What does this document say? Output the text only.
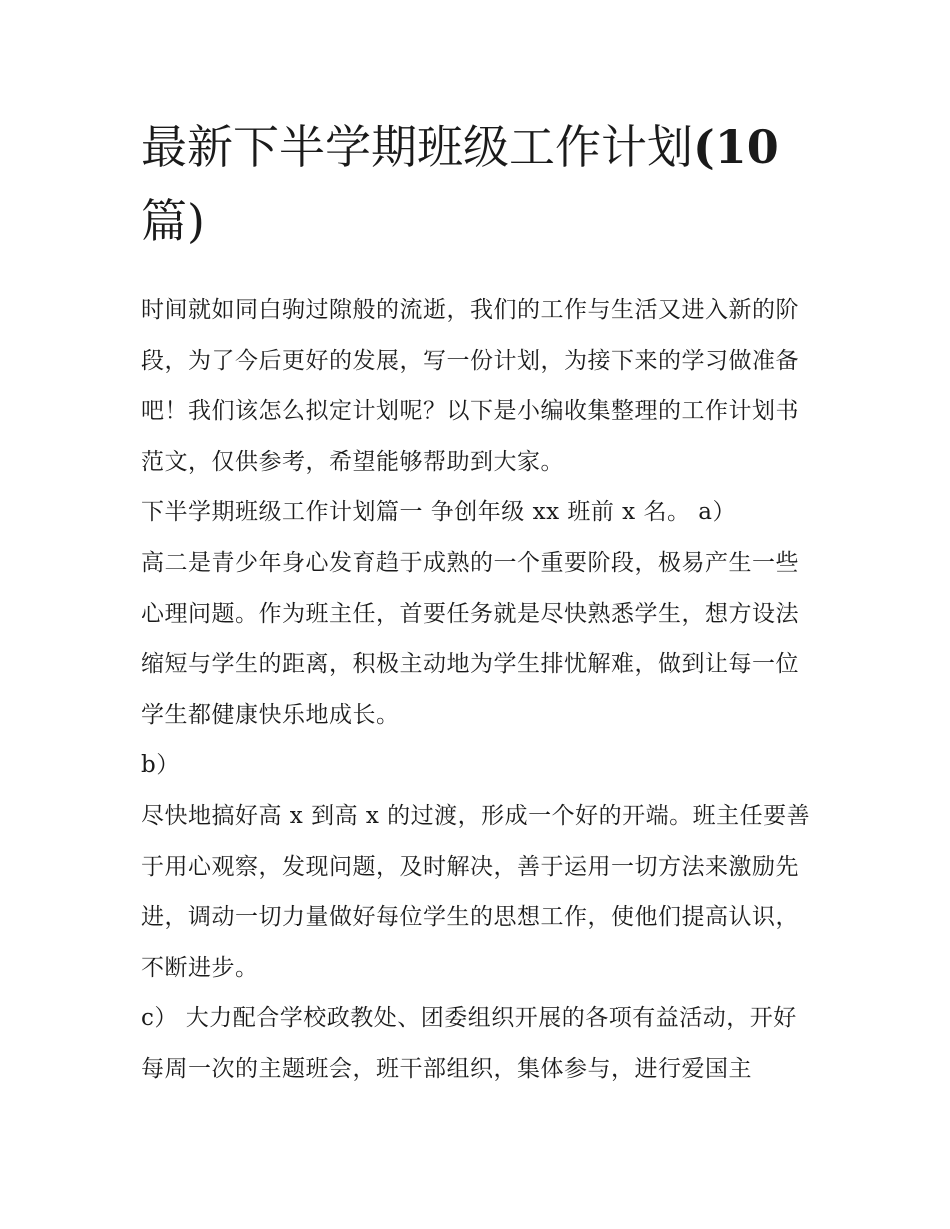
最新下半学期班级工作计划(10
篇)

时间就如同白驹过隙般的流逝，我们的工作与生活又进入新的阶段，为了今后更好的发展，写一份计划，为接下来的学习做准备吧！我们该怎么拟定计划呢？以下是小编收集整理的工作计划书范文，仅供参考，希望能够帮助到大家。

下半学期班级工作计划篇一 争创年级 xx 班前 x 名。 a）

高二是青少年身心发育趋于成熟的一个重要阶段，极易产生一些心理问题。作为班主任，首要任务就是尽快熟悉学生，想方设法缩短与学生的距离，积极主动地为学生排忧解难，做到让每一位学生都健康快乐地成长。

b）

尽快地搞好高 x 到高 x 的过渡，形成一个好的开端。班主任要善于用心观察，发现问题，及时解决，善于运用一切方法来激励先进，调动一切力量做好每位学生的思想工作，使他们提高认识，不断进步。

c） 大力配合学校政教处、团委组织开展的各项有益活动，开好每周一次的主题班会，班干部组织，集体参与，进行爱国主
